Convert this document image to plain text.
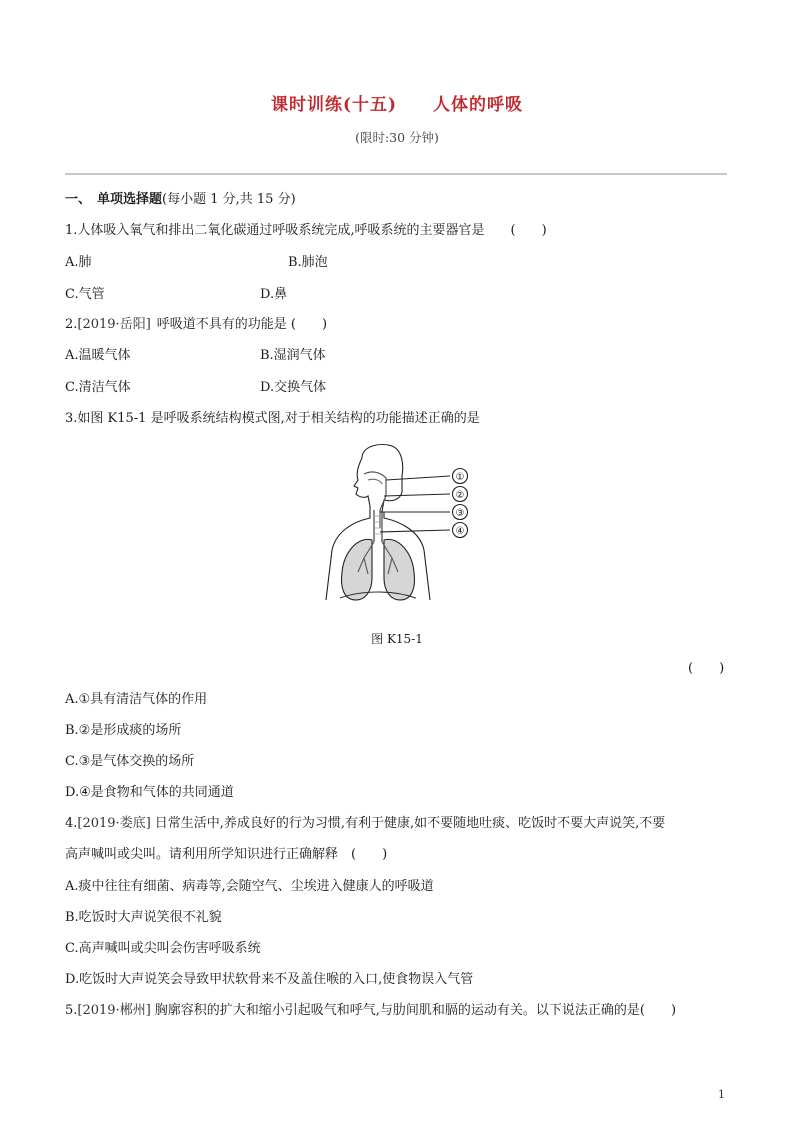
课时训练(十五)　　人体的呼吸
(限时:30 分钟)
一、 单项选择题(每小题 1 分,共 15 分)
1.人体吸入氧气和排出二氧化碳通过呼吸系统完成,呼吸系统的主要器官是　　(　　)
A.肺	B.肺泡
C.气管	D.鼻
2.[2019·岳阳] 呼吸道不具有的功能是 (　　)
A.温暖气体	B.湿润气体
C.清洁气体	D.交换气体
3.如图 K15-1 是呼吸系统结构模式图,对于相关结构的功能描述正确的是
①
②
③
④
图 K15-1
(　　)
A.①具有清洁气体的作用
B.②是形成痰的场所
C.③是气体交换的场所
D.④是食物和气体的共同通道
4.[2019·娄底] 日常生活中,养成良好的行为习惯,有利于健康,如不要随地吐痰、吃饭时不要大声说笑,不要
高声喊叫或尖叫。请利用所学知识进行正确解释　(　　)
A.痰中往往有细菌、病毒等,会随空气、尘埃进入健康人的呼吸道
B.吃饭时大声说笑很不礼貌
C.高声喊叫或尖叫会伤害呼吸系统
D.吃饭时大声说笑会导致甲状软骨来不及盖住喉的入口,使食物误入气管
5.[2019·郴州] 胸廓容积的扩大和缩小引起吸气和呼气,与肋间肌和膈的运动有关。以下说法正确的是(　　)
1
